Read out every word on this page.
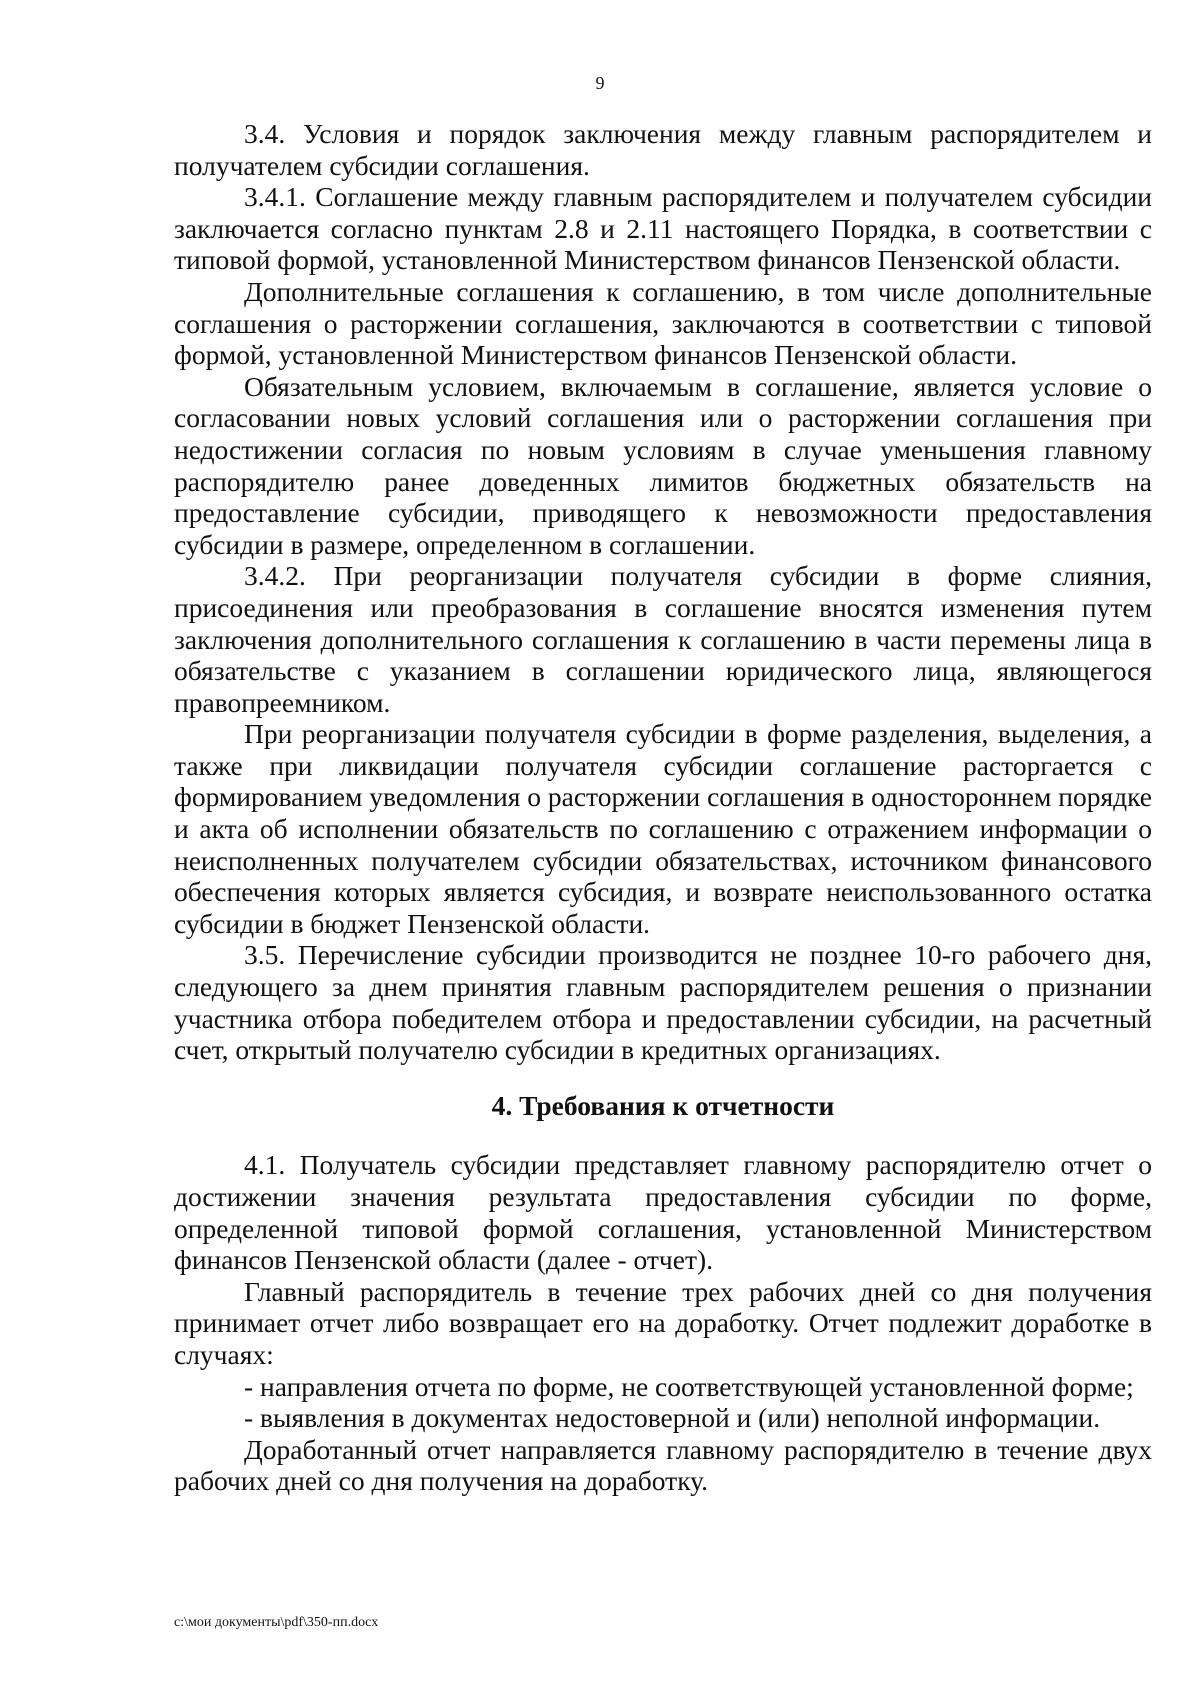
9

3.4. Условия и порядок заключения между главным распорядителем и получателем субсидии соглашения.

3.4.1. Соглашение между главным распорядителем и получателем субсидии заключается согласно пунктам 2.8 и 2.11 настоящего Порядка, в соответствии с типовой формой, установленной Министерством финансов Пензенской области.

Дополнительные соглашения к соглашению, в том числе дополнительные соглашения о расторжении соглашения, заключаются в соответствии с типовой формой, установленной Министерством финансов Пензенской области.

Обязательным условием, включаемым в соглашение, является условие о согласовании новых условий соглашения или о расторжении соглашения при недостижении согласия по новым условиям в случае уменьшения главному распорядителю ранее доведенных лимитов бюджетных обязательств на предоставление субсидии, приводящего к невозможности предоставления субсидии в размере, определенном в соглашении.

3.4.2. При реорганизации получателя субсидии в форме слияния, присоединения или преобразования в соглашение вносятся изменения путем заключения дополнительного соглашения к соглашению в части перемены лица в обязательстве с указанием в соглашении юридического лица, являющегося правопреемником.

При реорганизации получателя субсидии в форме разделения, выделения, а также при ликвидации получателя субсидии соглашение расторгается с формированием уведомления о расторжении соглашения в одностороннем порядке и акта об исполнении обязательств по соглашению с отражением информации о неисполненных получателем субсидии обязательствах, источником финансового обеспечения которых является субсидия, и возврате неиспользованного остатка субсидии в бюджет Пензенской области.

3.5. Перечисление субсидии производится не позднее 10-го рабочего дня, следующего за днем принятия главным распорядителем решения о признании участника отбора победителем отбора и предоставлении субсидии, на расчетный счет, открытый получателю субсидии в кредитных организациях.

4. Требования к отчетности

4.1. Получатель субсидии представляет главному распорядителю отчет о достижении значения результата предоставления субсидии по форме, определенной типовой формой соглашения, установленной Министерством финансов Пензенской области (далее - отчет).

Главный распорядитель в течение трех рабочих дней со дня получения принимает отчет либо возвращает его на доработку. Отчет подлежит доработке в случаях:

- направления отчета по форме, не соответствующей установленной форме;

- выявления в документах недостоверной и (или) неполной информации.

Доработанный отчет направляется главному распорядителю в течение двух рабочих дней со дня получения на доработку.

c:\мои документы\pdf\350-пп.docx
